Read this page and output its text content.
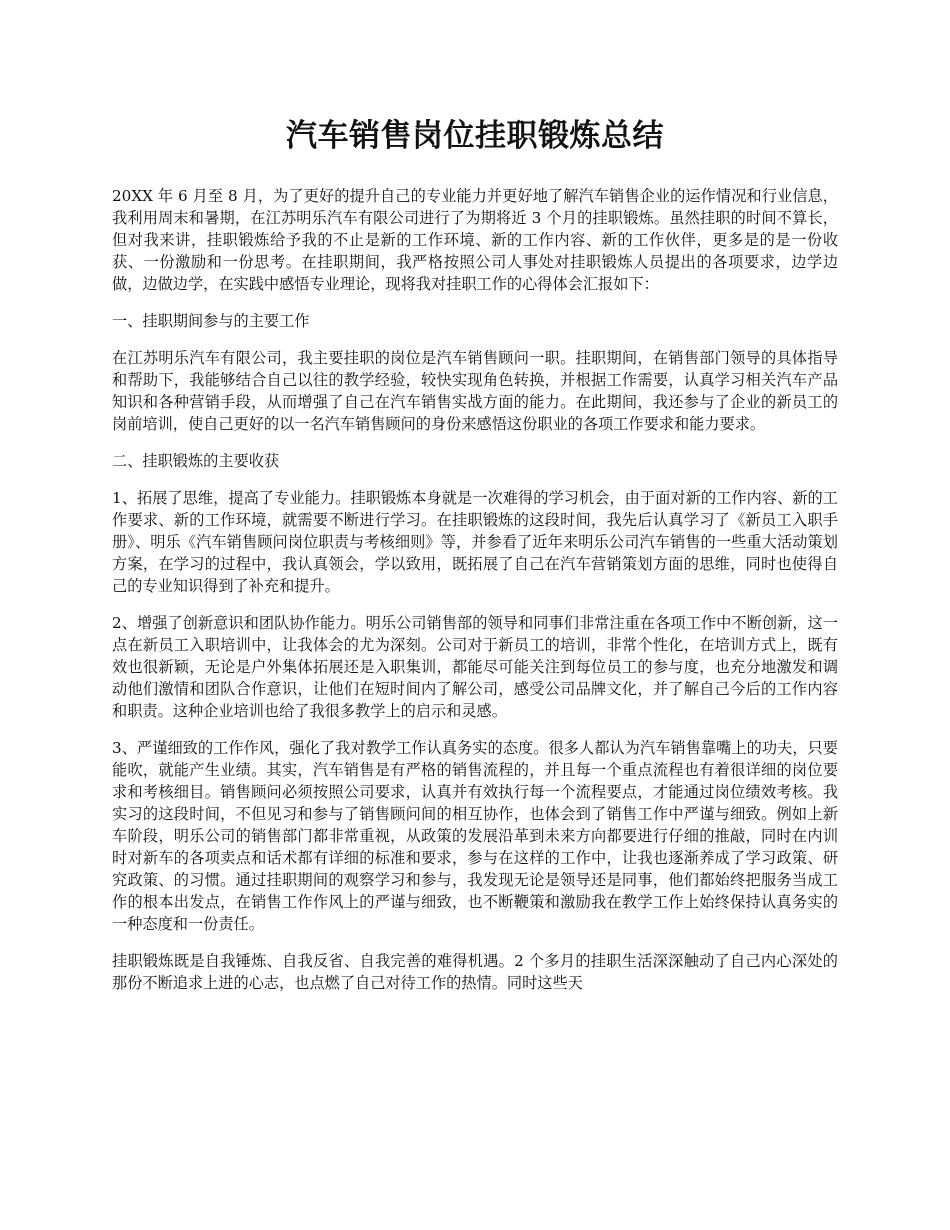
汽车销售岗位挂职锻炼总结

20XX 年 6 月至 8 月，为了更好的提升自己的专业能力并更好地了解汽车销售企业的运作情况和行业信息，我利用周末和暑期，在江苏明乐汽车有限公司进行了为期将近 3 个月的挂职锻炼。虽然挂职的时间不算长，但对我来讲，挂职锻炼给予我的不止是新的工作环境、新的工作内容、新的工作伙伴，更多是的是一份收获、一份激励和一份思考。在挂职期间，我严格按照公司人事处对挂职锻炼人员提出的各项要求，边学边做，边做边学，在实践中感悟专业理论，现将我对挂职工作的心得体会汇报如下：

一、挂职期间参与的主要工作

在江苏明乐汽车有限公司，我主要挂职的岗位是汽车销售顾问一职。挂职期间，在销售部门领导的具体指导和帮助下，我能够结合自己以往的教学经验，较快实现角色转换，并根据工作需要，认真学习相关汽车产品知识和各种营销手段，从而增强了自己在汽车销售实战方面的能力。在此期间，我还参与了企业的新员工的岗前培训，使自己更好的以一名汽车销售顾问的身份来感悟这份职业的各项工作要求和能力要求。

二、挂职锻炼的主要收获

1、拓展了思维，提高了专业能力。挂职锻炼本身就是一次难得的学习机会，由于面对新的工作内容、新的工作要求、新的工作环境，就需要不断进行学习。在挂职锻炼的这段时间，我先后认真学习了《新员工入职手册》、明乐《汽车销售顾问岗位职责与考核细则》等，并参看了近年来明乐公司汽车销售的一些重大活动策划方案，在学习的过程中，我认真领会，学以致用，既拓展了自己在汽车营销策划方面的思维，同时也使得自己的专业知识得到了补充和提升。

2、增强了创新意识和团队协作能力。明乐公司销售部的领导和同事们非常注重在各项工作中不断创新，这一点在新员工入职培训中，让我体会的尤为深刻。公司对于新员工的培训，非常个性化，在培训方式上，既有效也很新颖，无论是户外集体拓展还是入职集训，都能尽可能关注到每位员工的参与度，也充分地激发和调动他们激情和团队合作意识，让他们在短时间内了解公司，感受公司品牌文化，并了解自己今后的工作内容和职责。这种企业培训也给了我很多教学上的启示和灵感。

3、严谨细致的工作作风，强化了我对教学工作认真务实的态度。很多人都认为汽车销售靠嘴上的功夫，只要能吹，就能产生业绩。其实，汽车销售是有严格的销售流程的，并且每一个重点流程也有着很详细的岗位要求和考核细目。销售顾问必须按照公司要求，认真并有效执行每一个流程要点，才能通过岗位绩效考核。我实习的这段时间，不但见习和参与了销售顾问间的相互协作，也体会到了销售工作中严谨与细致。例如上新车阶段，明乐公司的销售部门都非常重视，从政策的发展沿革到未来方向都要进行仔细的推敲，同时在内训时对新车的各项卖点和话术都有详细的标准和要求，参与在这样的工作中，让我也逐渐养成了学习政策、研究政策、的习惯。通过挂职期间的观察学习和参与，我发现无论是领导还是同事，他们都始终把服务当成工作的根本出发点，在销售工作作风上的严谨与细致，也不断鞭策和激励我在教学工作上始终保持认真务实的一种态度和一份责任。

挂职锻炼既是自我锤炼、自我反省、自我完善的难得机遇。2 个多月的挂职生活深深触动了自己内心深处的那份不断追求上进的心志，也点燃了自己对待工作的热情。同时这些天
